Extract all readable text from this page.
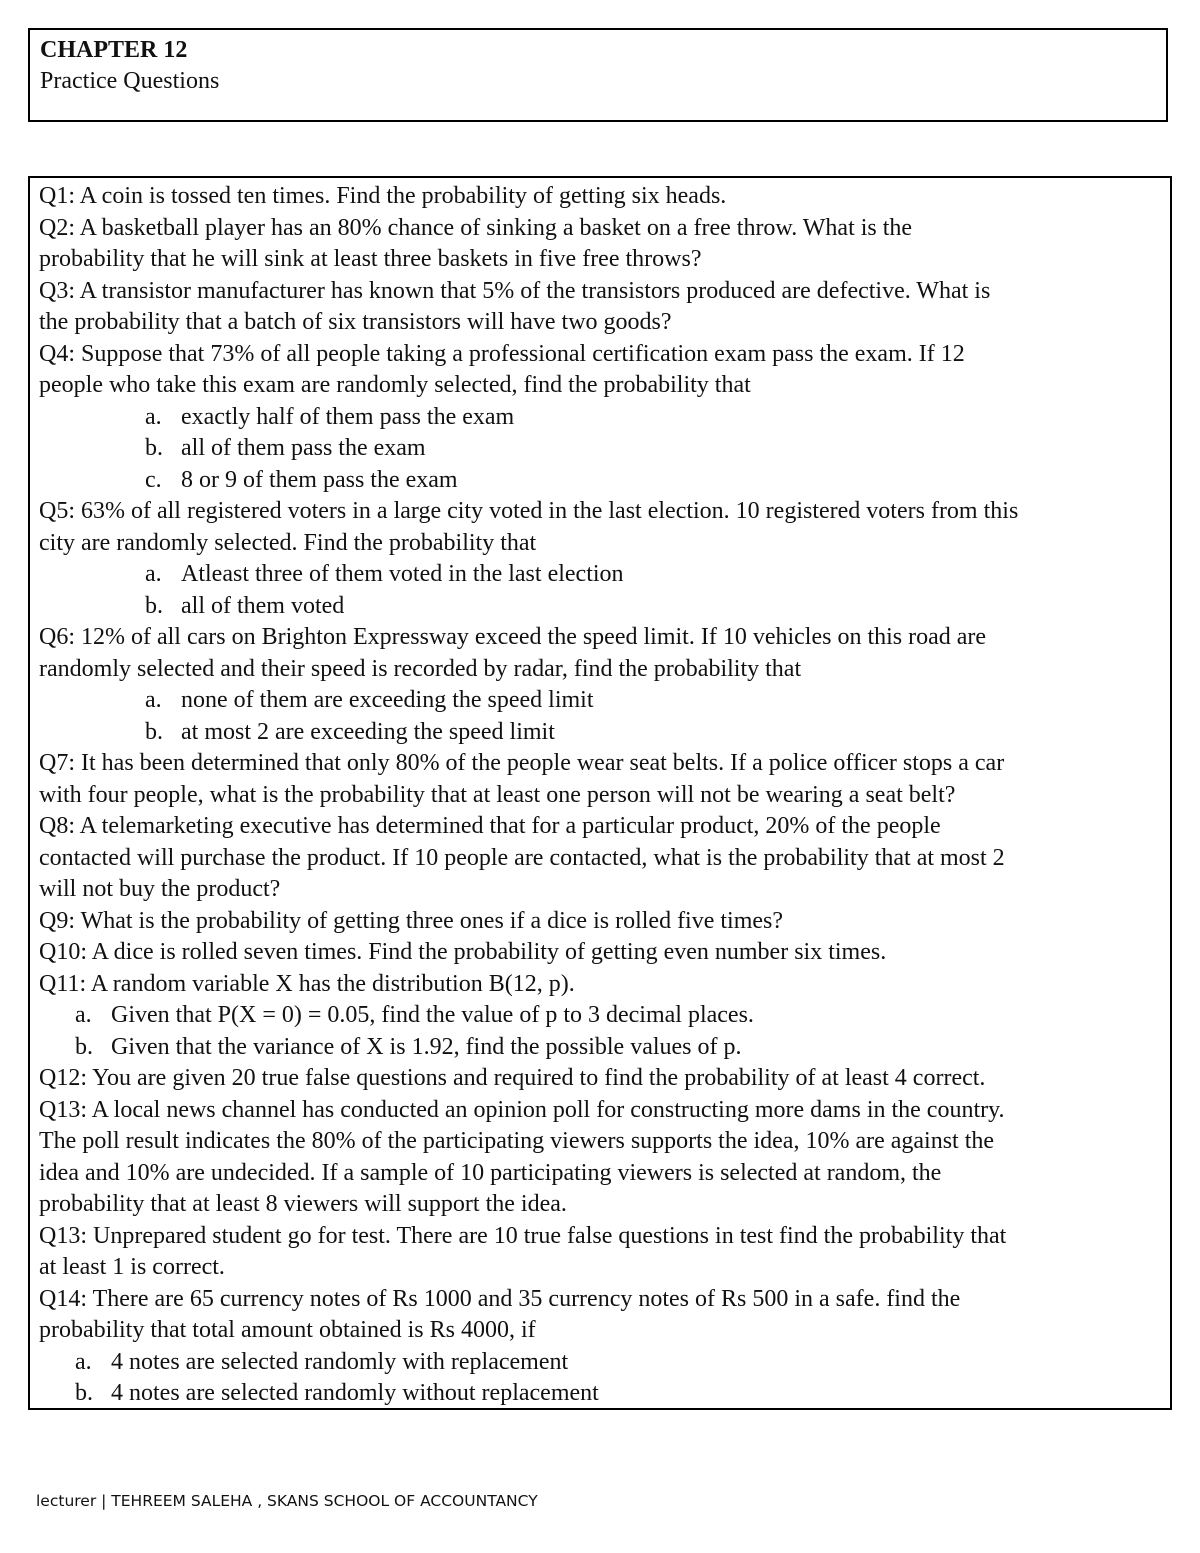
CHAPTER 12
Practice Questions
Q1: A coin is tossed ten times. Find the probability of getting six heads.
Q2: A basketball player has an 80% chance of sinking a basket on a free throw. What is the
probability that he will sink at least three baskets in five free throws?
Q3: A transistor manufacturer has known that 5% of the transistors produced are defective. What is
the probability that a batch of six transistors will have two goods?
Q4: Suppose that 73% of all people taking a professional certification exam pass the exam. If 12
people who take this exam are randomly selected, find the probability that
a. exactly half of them pass the exam
b. all of them pass the exam
c. 8 or 9 of them pass the exam
Q5: 63% of all registered voters in a large city voted in the last election. 10 registered voters from this
city are randomly selected. Find the probability that
a. Atleast three of them voted in the last election
b. all of them voted
Q6: 12% of all cars on Brighton Expressway exceed the speed limit. If 10 vehicles on this road are
randomly selected and their speed is recorded by radar, find the probability that
a. none of them are exceeding the speed limit
b. at most 2 are exceeding the speed limit
Q7: It has been determined that only 80% of the people wear seat belts. If a police officer stops a car
with four people, what is the probability that at least one person will not be wearing a seat belt?
Q8: A telemarketing executive has determined that for a particular product, 20% of the people
contacted will purchase the product. If 10 people are contacted, what is the probability that at most 2
will not buy the product?
Q9: What is the probability of getting three ones if a dice is rolled five times?
Q10: A dice is rolled seven times. Find the probability of getting even number six times.
Q11: A random variable X has the distribution B(12, p).
a. Given that P(X = 0) = 0.05, find the value of p to 3 decimal places.
b. Given that the variance of X is 1.92, find the possible values of p.
Q12: You are given 20 true false questions and required to find the probability of at least 4 correct.
Q13: A local news channel has conducted an opinion poll for constructing more dams in the country.
The poll result indicates the 80% of the participating viewers supports the idea, 10% are against the
idea and 10% are undecided. If a sample of 10 participating viewers is selected at random, the
probability that at least 8 viewers will support the idea.
Q13: Unprepared student go for test. There are 10 true false questions in test find the probability that
at least 1 is correct.
Q14: There are 65 currency notes of Rs 1000 and 35 currency notes of Rs 500 in a safe. find the
probability that total amount obtained is Rs 4000, if
a. 4 notes are selected randomly with replacement
b. 4 notes are selected randomly without replacement
lecturer | TEHREEM SALEHA , SKANS SCHOOL OF ACCOUNTANCY
